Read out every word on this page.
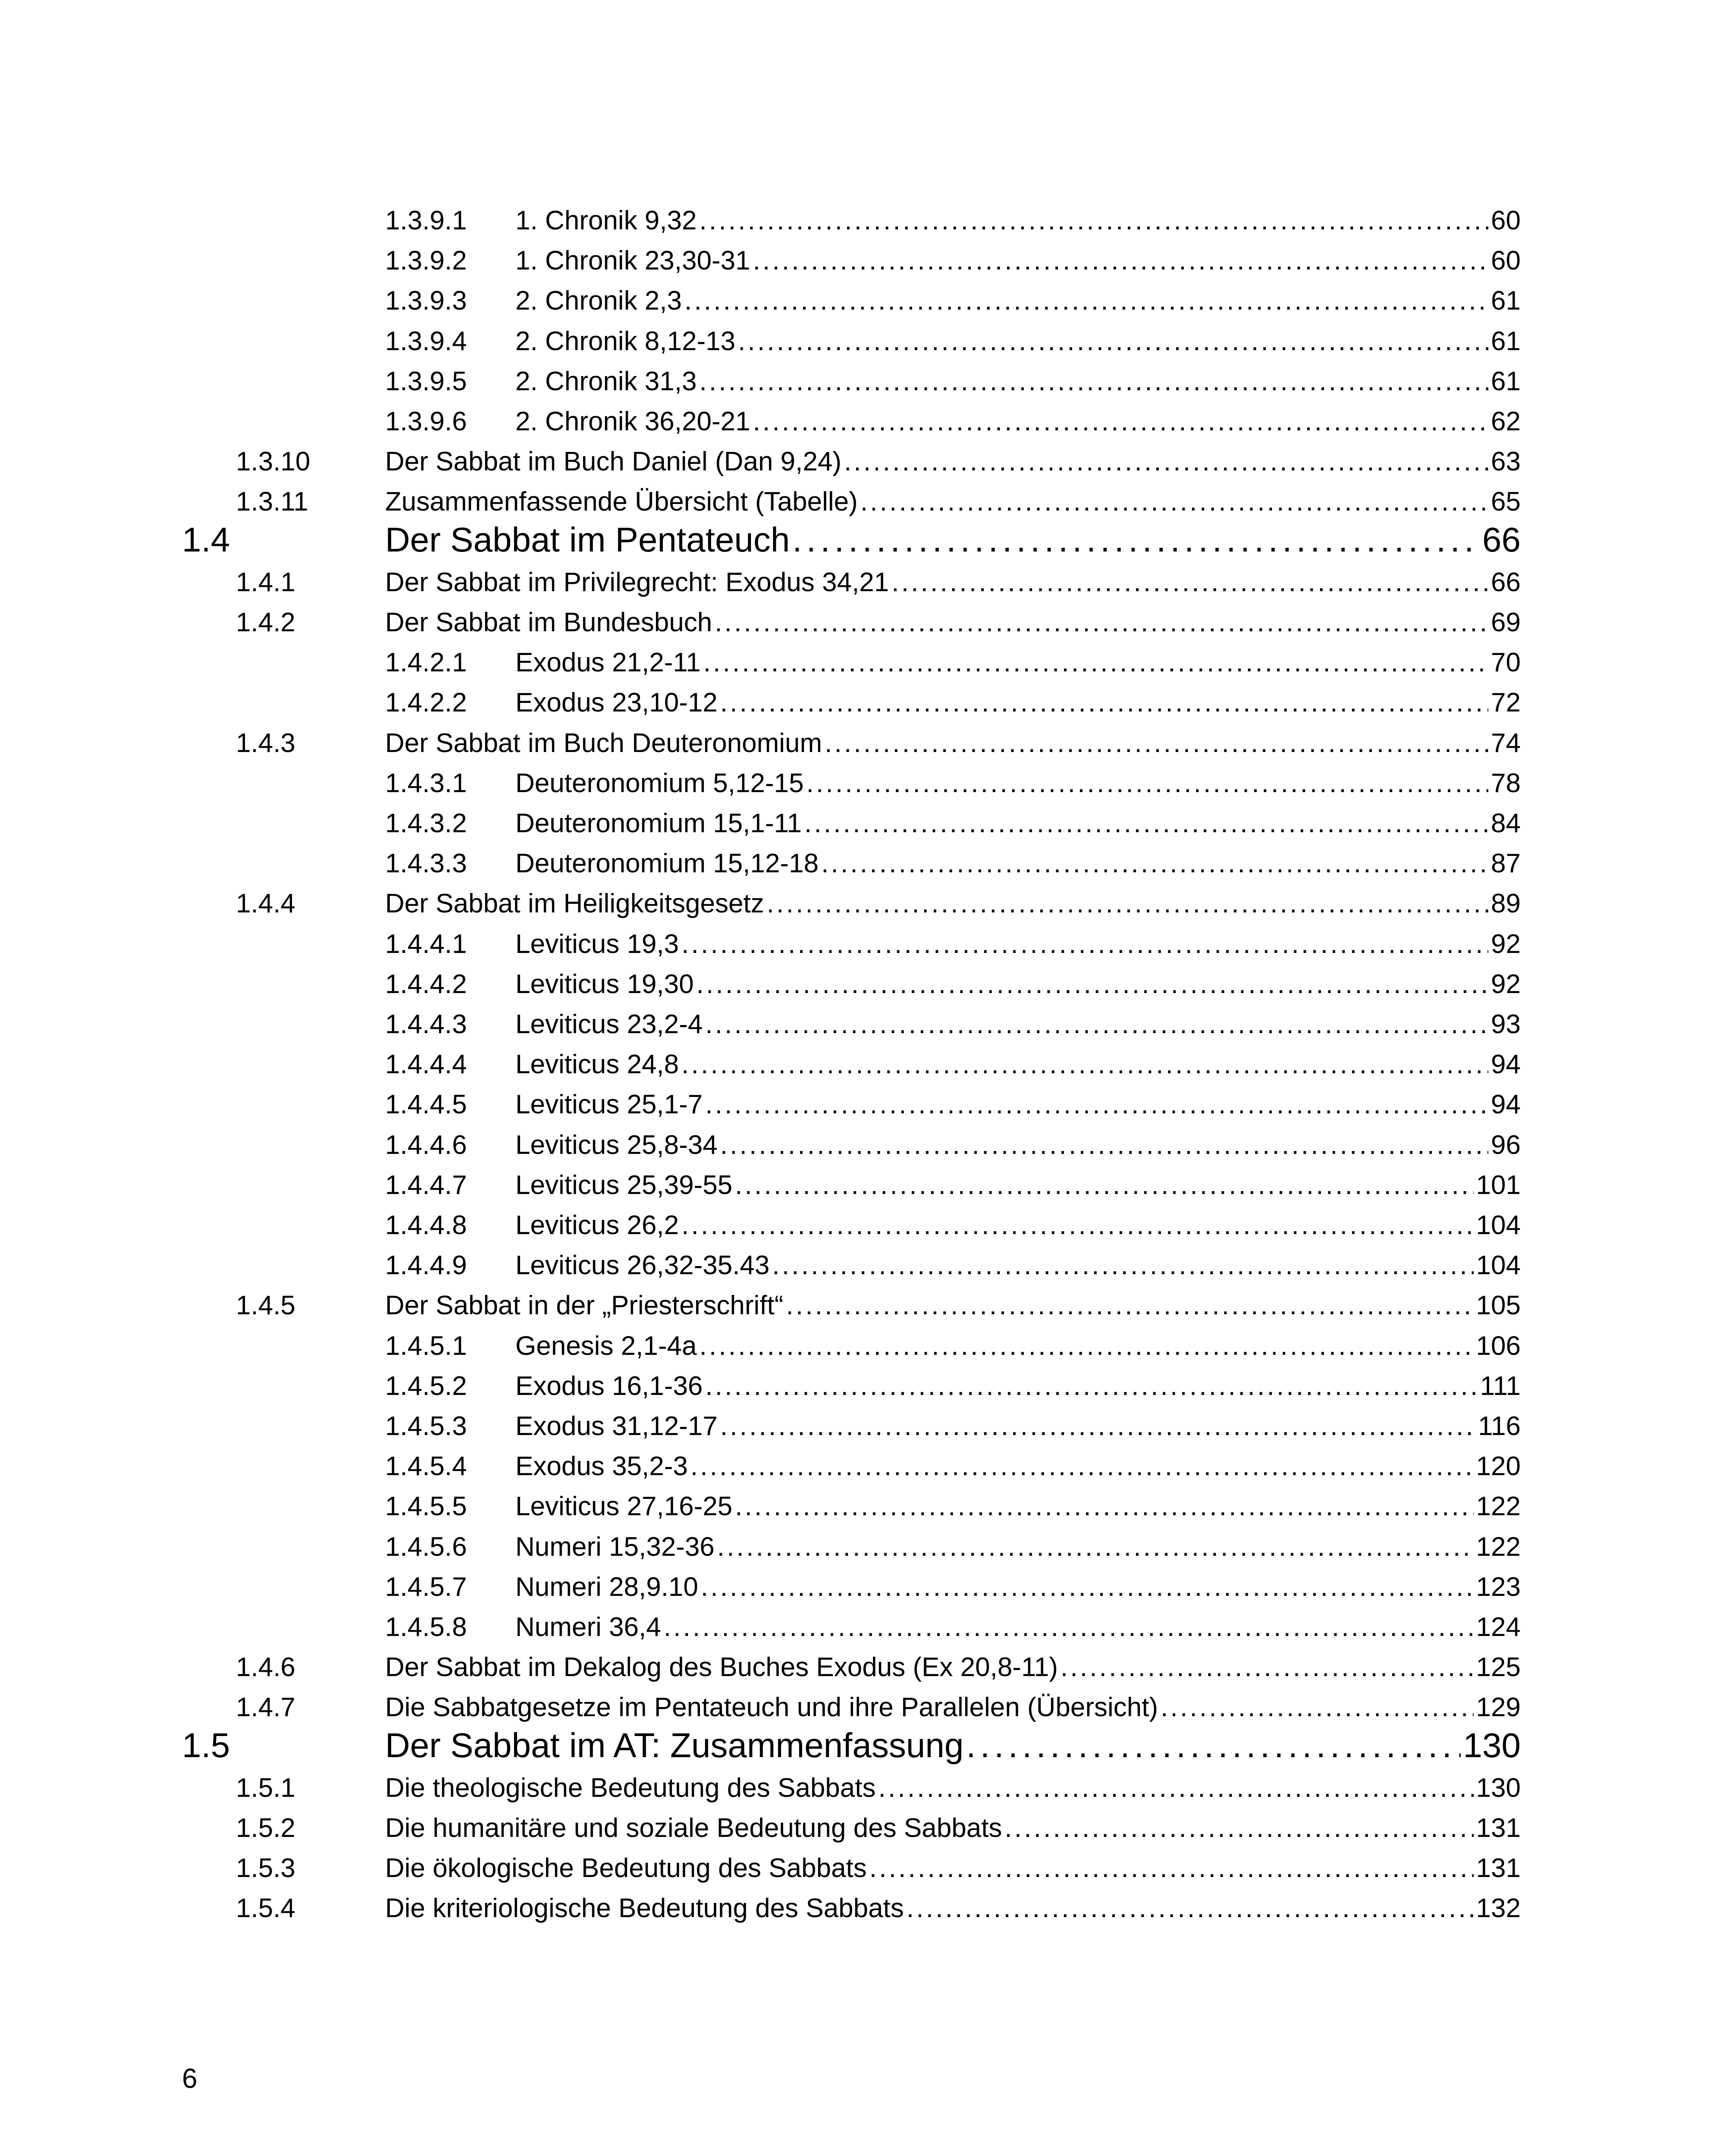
1.3.9.1 1. Chronik 9,32 . . .	60
1.3.9.2 1. Chronik 23,30-31 . . .	60
1.3.9.3 2. Chronik 2,3 . . .	61
1.3.9.4 2. Chronik 8,12-13 . . .	61
1.3.9.5 2. Chronik 31,3 . . .	61
1.3.9.6 2. Chronik 36,20-21 . . .	62
1.3.10	Der Sabbat im Buch Daniel (Dan 9,24) . . .	63
1.3.11	Zusammenfassende Übersicht (Tabelle) . . .	65
1.4	Der Sabbat im Pentateuch . . .	66
1.4.1	Der Sabbat im Privilegrecht: Exodus 34,21 . . .	66
1.4.2	Der Sabbat im Bundesbuch . . .	69
1.4.2.1 Exodus 21,2-11 . . .	70
1.4.2.2 Exodus 23,10-12 . . .	72
1.4.3	Der Sabbat im Buch Deuteronomium . . .	74
1.4.3.1 Deuteronomium 5,12-15 . . .	78
1.4.3.2 Deuteronomium 15,1-11 . . .	84
1.4.3.3 Deuteronomium 15,12-18 . . .	87
1.4.4	Der Sabbat im Heiligkeitsgesetz . . .	89
1.4.4.1 Leviticus 19,3 . . .	92
1.4.4.2 Leviticus 19,30 . . .	92
1.4.4.3 Leviticus 23,2-4 . . .	93
1.4.4.4 Leviticus 24,8 . . .	94
1.4.4.5 Leviticus 25,1-7 . . .	94
1.4.4.6 Leviticus 25,8-34 . . .	96
1.4.4.7 Leviticus 25,39-55 . . .	101
1.4.4.8 Leviticus 26,2 . . .	104
1.4.4.9 Leviticus 26,32-35.43 . . .	104
1.4.5	Der Sabbat in der „Priesterschrift“ . . .	105
1.4.5.1 Genesis 2,1-4a . . .	106
1.4.5.2 Exodus 16,1-36 . . .	111
1.4.5.3 Exodus 31,12-17 . . .	116
1.4.5.4 Exodus 35,2-3 . . .	120
1.4.5.5 Leviticus 27,16-25 . . .	122
1.4.5.6 Numeri 15,32-36 . . .	122
1.4.5.7 Numeri 28,9.10 . . .	123
1.4.5.8 Numeri 36,4 . . .	124
1.4.6	Der Sabbat im Dekalog des Buches Exodus (Ex 20,8-11) . . .	125
1.4.7	Die Sabbatgesetze im Pentateuch und ihre Parallelen (Übersicht) . . .	129
1.5	Der Sabbat im AT: Zusammenfassung . . .	130
1.5.1	Die theologische Bedeutung des Sabbats . . .	130
1.5.2	Die humanitäre und soziale Bedeutung des Sabbats . . .	131
1.5.3	Die ökologische Bedeutung des Sabbats . . .	131
1.5.4	Die kriteriologische Bedeutung des Sabbats . . .	132
6
